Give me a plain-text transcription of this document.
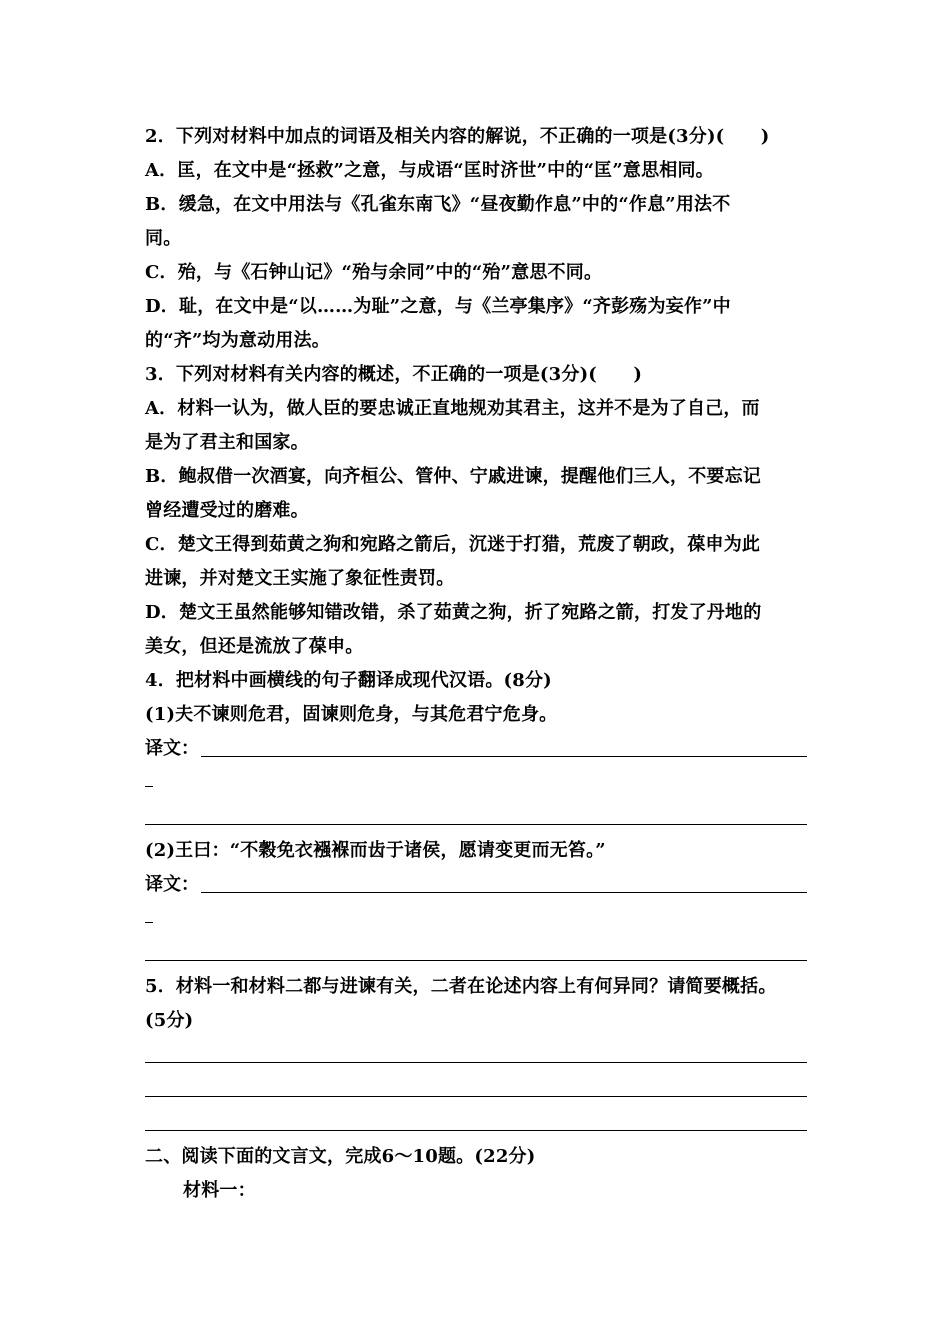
2．下列对材料中加点的词语及相关内容的解说，不正确的一项是(3分)(　　)
A．匡，在文中是“拯救”之意，与成语“匡时济世”中的“匡”意思相同。
B．缓急，在文中用法与《孔雀东南飞》“昼夜勤作息”中的“作息”用法不
同。
C．殆，与《石钟山记》“殆与余同”中的“殆”意思不同。
D．耻，在文中是“以……为耻”之意，与《兰亭集序》“齐彭殇为妄作”中
的“齐”均为意动用法。
3．下列对材料有关内容的概述，不正确的一项是(3分)(　　)
A．材料一认为，做人臣的要忠诚正直地规劝其君主，这并不是为了自己，而
是为了君主和国家。
B．鲍叔借一次酒宴，向齐桓公、管仲、宁戚进谏，提醒他们三人，不要忘记
曾经遭受过的磨难。
C．楚文王得到茹黄之狗和宛路之箭后，沉迷于打猎，荒废了朝政，葆申为此
进谏，并对楚文王实施了象征性责罚。
D．楚文王虽然能够知错改错，杀了茹黄之狗，折了宛路之箭，打发了丹地的
美女，但还是流放了葆申。
4．把材料中画横线的句子翻译成现代汉语。(8分)
(1)夫不谏则危君，固谏则危身，与其危君宁危身。
译文：
(2)王曰：“不穀免衣襁褓而齿于诸侯，愿请变更而无笞。”
译文：
5．材料一和材料二都与进谏有关，二者在论述内容上有何异同？请简要概括。
(5分)
二、阅读下面的文言文，完成6～10题。(22分)
材料一：
